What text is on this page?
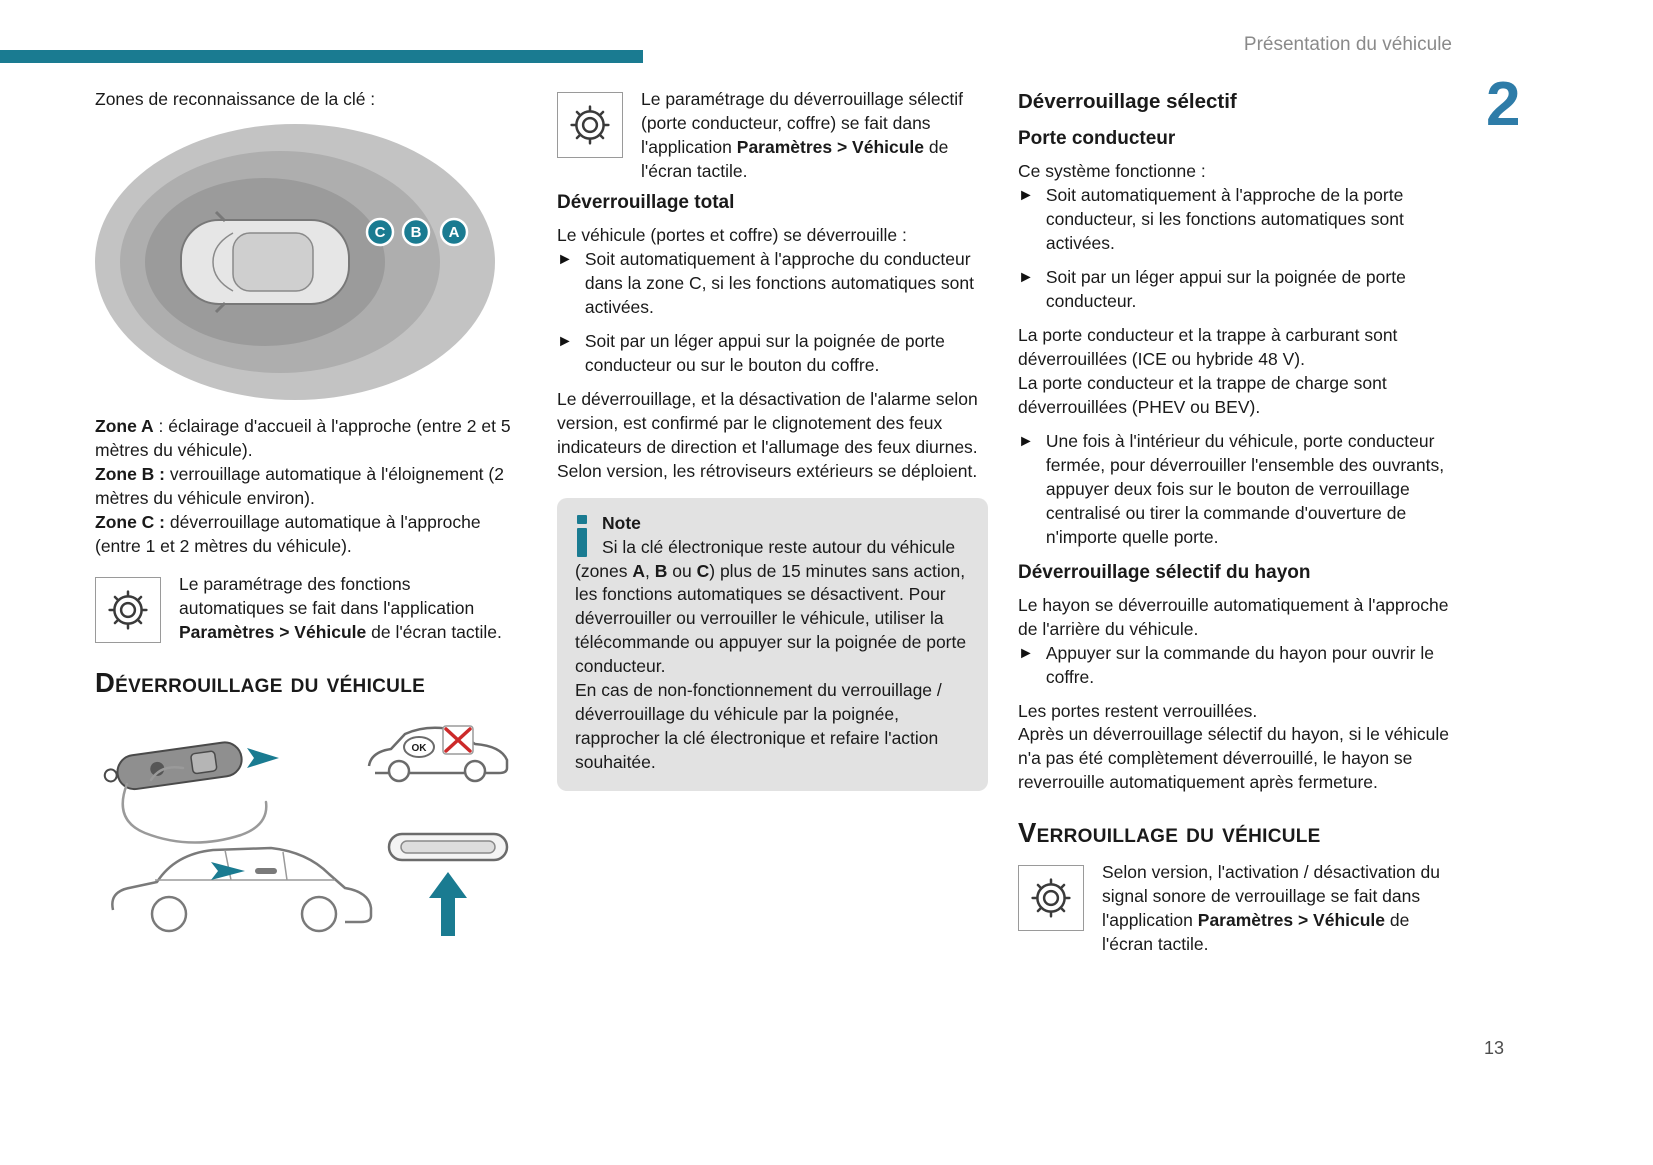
Présentation du véhicule
2
13

Zones de reconnaissance de la clé :

C B A

Zone A : éclairage d'accueil à l'approche (entre 2 et 5 mètres du véhicule).

Zone B : verrouillage automatique à l'éloignement (2 mètres du véhicule environ).

Zone C : déverrouillage automatique à l'approche (entre 1 et 2 mètres du véhicule).

Le paramétrage des fonctions automatiques se fait dans l'application Paramètres > Véhicule de l'écran tactile.

Déverrouillage du véhicule
OK

Le paramétrage du déverrouillage sélectif (porte conducteur, coffre) se fait dans l'application Paramètres > Véhicule de l'écran tactile.

Déverrouillage total

Le véhicule (portes et coffre) se déverrouille :

► Soit automatiquement à l'approche du conducteur dans la zone C, si les fonctions automatiques sont activées.

► Soit par un léger appui sur la poignée de porte conducteur ou sur le bouton du coffre.

Le déverrouillage, et la désactivation de l'alarme selon version, est confirmé par le clignotement des feux indicateurs de direction et l'allumage des feux diurnes.

Selon version, les rétroviseurs extérieurs se déploient.

Note

Si la clé électronique reste autour du véhicule (zones A, B ou C) plus de 15 minutes sans action, les fonctions automatiques se désactivent. Pour déverrouiller ou verrouiller le véhicule, utiliser la télécommande ou appuyer sur la poignée de porte conducteur.

En cas de non-fonctionnement du verrouillage / déverrouillage du véhicule par la poignée, rapprocher la clé électronique et refaire l'action souhaitée.

Déverrouillage sélectif
Porte conducteur

Ce système fonctionne :

► Soit automatiquement à l'approche de la porte conducteur, si les fonctions automatiques sont activées.

► Soit par un léger appui sur la poignée de porte conducteur.

La porte conducteur et la trappe à carburant sont déverrouillées (ICE ou hybride 48 V).

La porte conducteur et la trappe de charge sont déverrouillées (PHEV ou BEV).

► Une fois à l'intérieur du véhicule, porte conducteur fermée, pour déverrouiller l'ensemble des ouvrants, appuyer deux fois sur le bouton de verrouillage centralisé ou tirer la commande d'ouverture de n'importe quelle porte.

Déverrouillage sélectif du hayon

Le hayon se déverrouille automatiquement à l'approche de l'arrière du véhicule.

► Appuyer sur la commande du hayon pour ouvrir le coffre.

Les portes restent verrouillées.

Après un déverrouillage sélectif du hayon, si le véhicule n'a pas été complètement déverrouillé, le hayon se reverrouille automatiquement après fermeture.

Verrouillage du véhicule

Selon version, l'activation / désactivation du signal sonore de verrouillage se fait dans l'application Paramètres > Véhicule de l'écran tactile.
